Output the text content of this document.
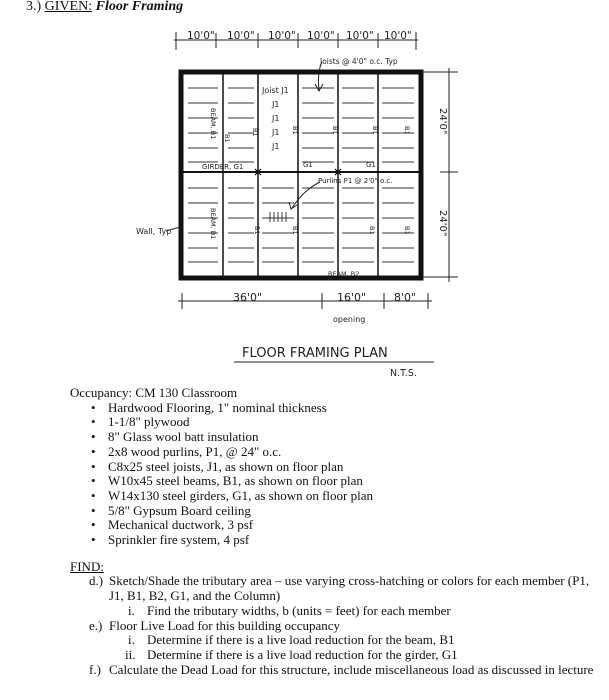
3.) GIVEN: Floor Framing
10'0" 10'0" 10'0" 10'0" 10'0" 10'0"
Joists @ 4'0" o.c. Typ
Joist J1
J1
J1
J1
J1
B1
B1	B1	B1	B1	B1
B1	B1	B1	B1
BEAM, B1
BEAM, B1
GIRDER, G1	G1	G1
Purlins P1 @ 2'0" o.c.
Wall, Typ
BEAM, B2
24'0"
24'0"
36'0"	16'0"	8'0"
opening
FLOOR FRAMING PLAN
N.T.S.

Occupancy: CM 130 Classroom

• Hardwood Flooring, 1" nominal thickness
• 1-1/8" plywood
• 8" Glass wool batt insulation
• 2x8 wood purlins, P1, @ 24" o.c.
• C8x25 steel joists, J1, as shown on floor plan
• W10x45 steel beams, B1, as shown on floor plan
• W14x130 steel girders, G1, as shown on floor plan
• 5/8" Gypsum Board ceiling
• Mechanical ductwork, 3 psf
• Sprinkler fire system, 4 psf

FIND:

d.) Sketch/Shade the tributary area – use varying cross-hatching or colors for each member (P1, J1, B1, B2, G1, and the Column)
i. Find the tributary widths, b (units = feet) for each member
e.) Floor Live Load for this building occupancy
i. Determine if there is a live load reduction for the beam, B1
ii. Determine if there is a live load reduction for the girder, G1
f.) Calculate the Dead Load for this structure, include miscellaneous load as discussed in lecture
